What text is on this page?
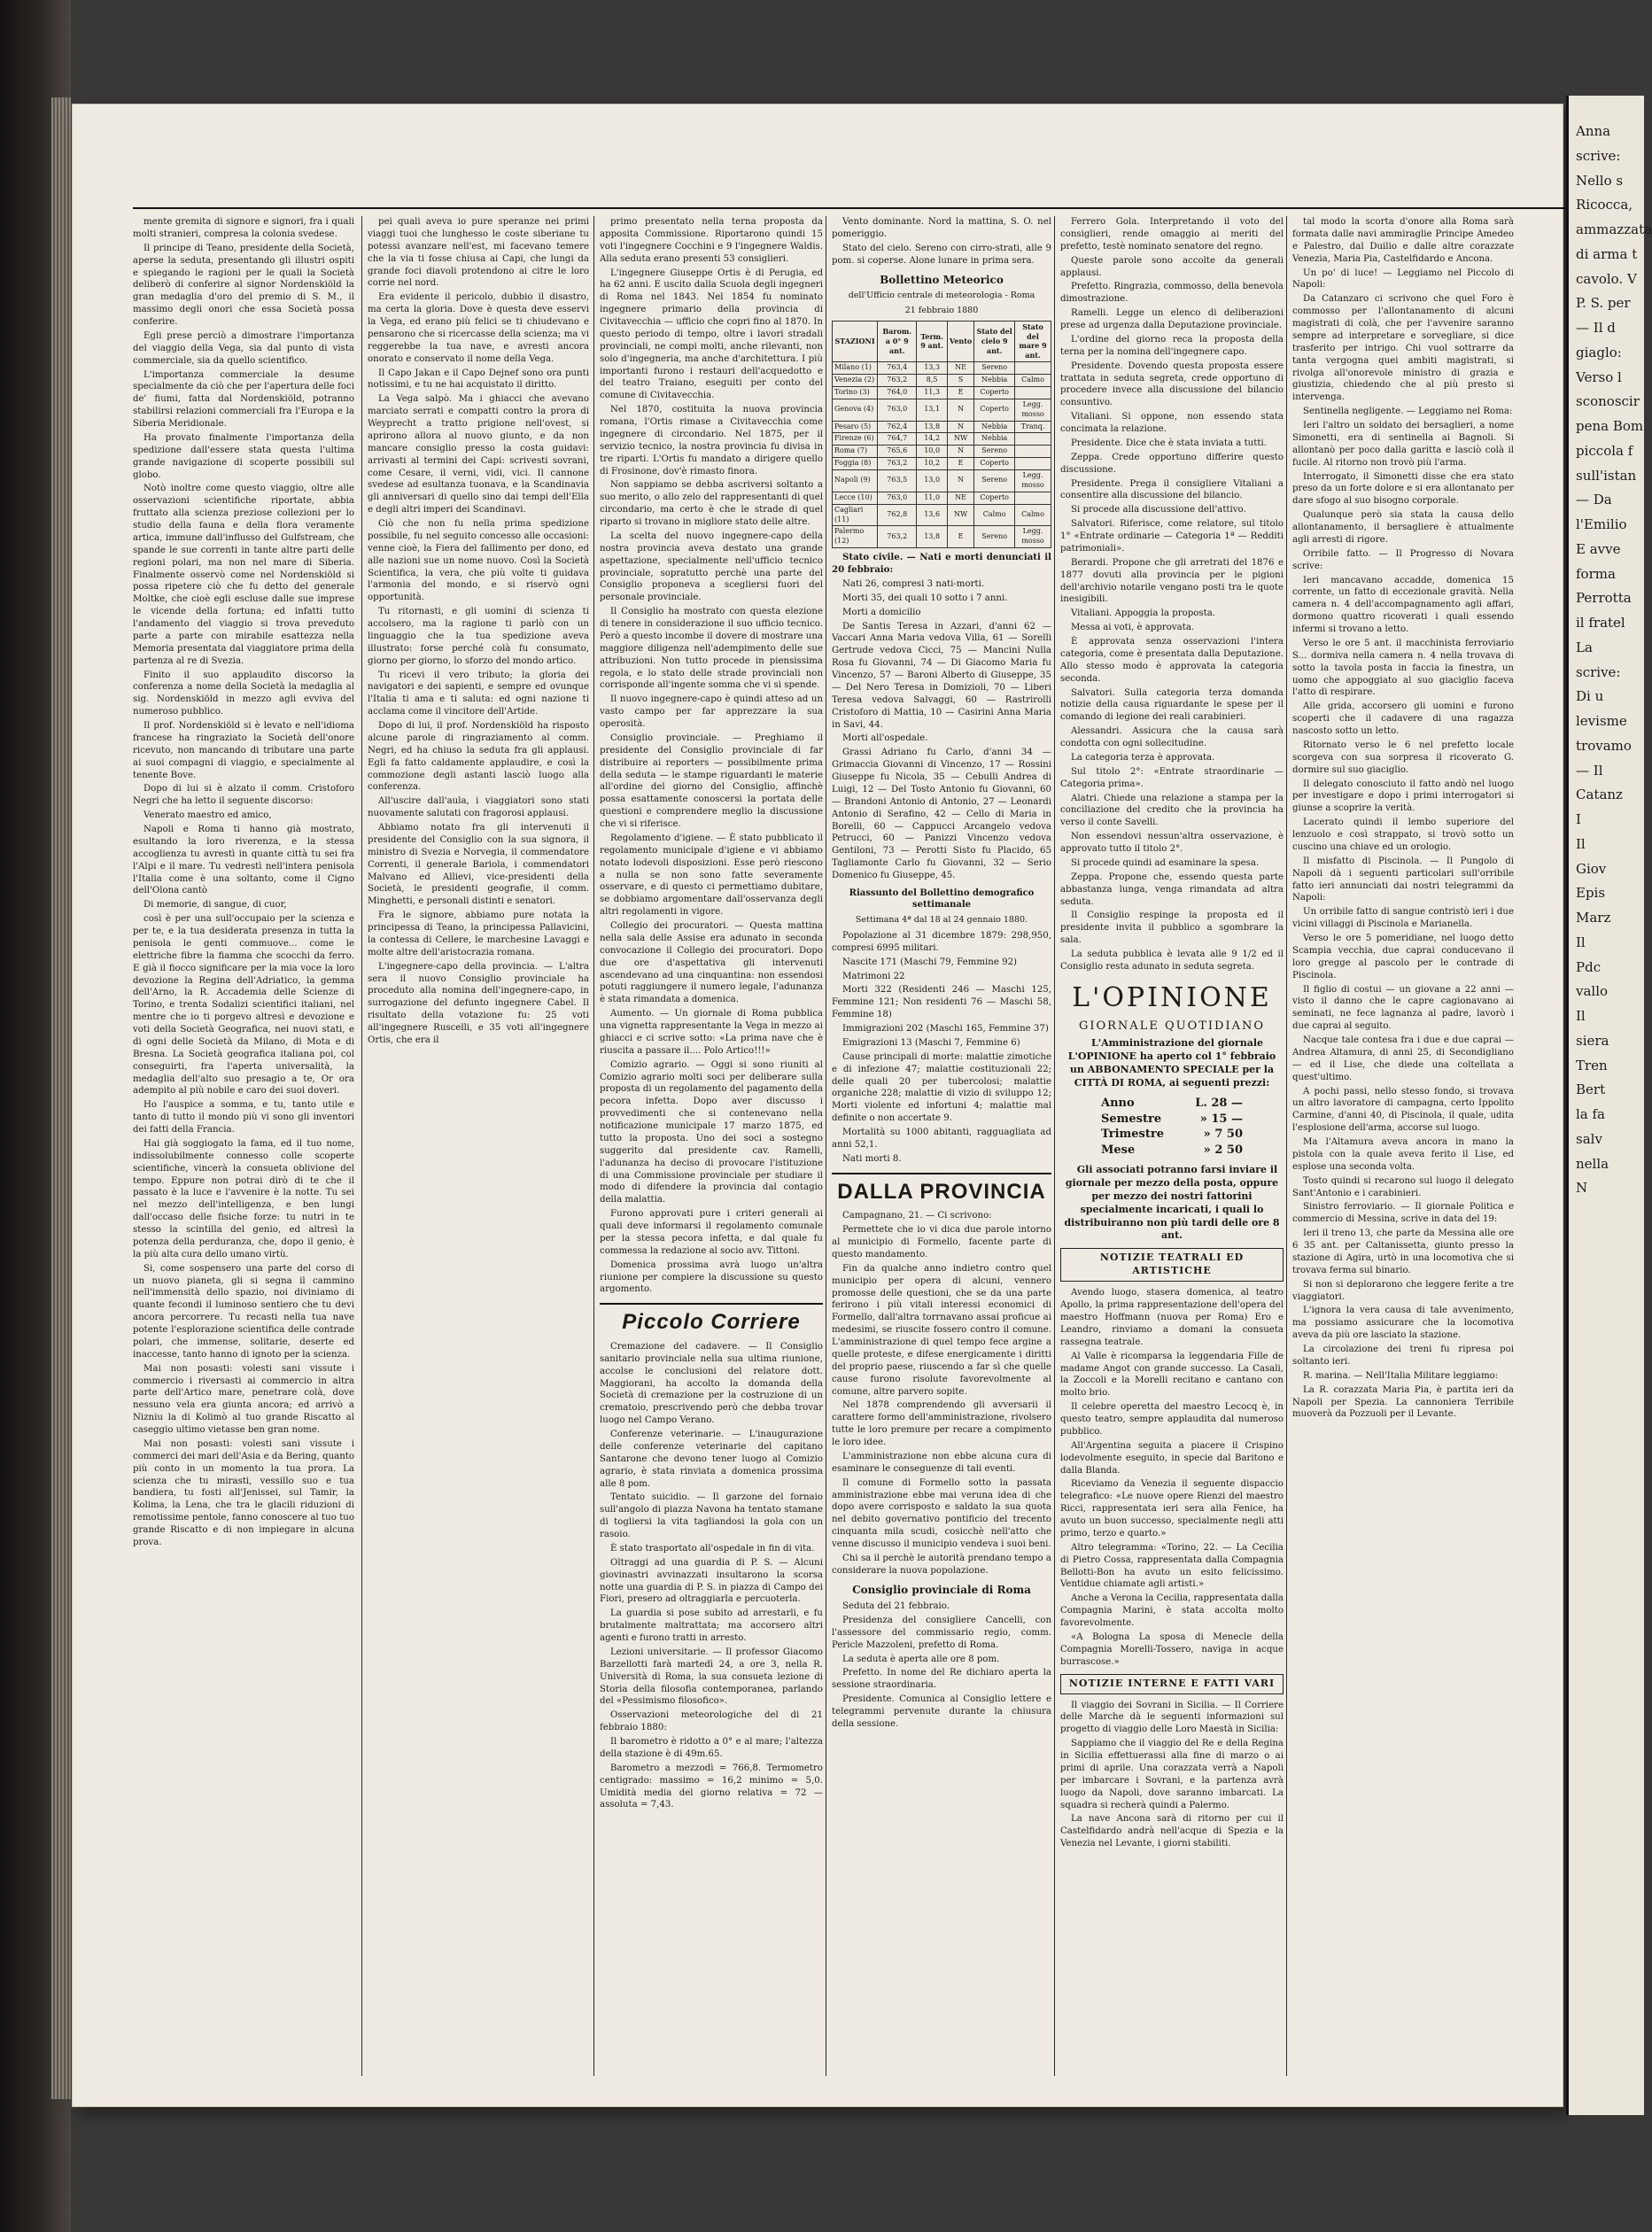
Anna

scrive:

Nello s

Ricocca,

ammazzata

di arma t

cavolo. V

P. S. per

— Il d

giaglo:

Verso l

sconoscir

pena Bom

piccola f

sull'istan

— Da

l'Emilio

E avve

forma

Perrotta

il fratel

La

scrive:

Di u

levisme

trovamo

— Il

Catanz

I

Il

Giov

Epis

Marz

Il

Pdc

vallo

Il

siera

Tren

Bert

la fa

salv

nella

N

mente gremita di signore e signori, fra i quali molti stranieri, compresa la colonia svedese.

Il principe di Teano, presidente della Società, aperse la seduta, presentando gli illustri ospiti e spiegando le ragioni per le quali la Società deliberò di conferire al signor Nordenskiöld la gran medaglia d'oro del premio di S. M., il massimo degli onori che essa Società possa conferire.

Egli prese perciò a dimostrare l'importanza del viaggio della Vega, sia dal punto di vista commerciale, sia da quello scientifico.

L'importanza commerciale la desume specialmente da ciò che per l'apertura delle foci de' fiumi, fatta dal Nordenskiöld, potranno stabilirsi relazioni commerciali fra l'Europa e la Siberia Meridionale.

Ha provato finalmente l'importanza della spedizione dall'essere stata questa l'ultima grande navigazione di scoperte possibili sul globo.

Notò inoltre come questo viaggio, oltre alle osservazioni scientifiche riportate, abbia fruttato alla scienza preziose collezioni per lo studio della fauna e della flora veramente artica, immune dall'influsso del Gulfstream, che spande le sue correnti in tante altre parti delle regioni polari, ma non nel mare di Siberia. Finalmente osservò come nel Nordenskiöld si possa ripetere ciò che fu detto del generale Moltke, che cioè egli escluse dalle sue imprese le vicende della fortuna; ed infatti tutto l'andamento del viaggio si trova preveduto parte a parte con mirabile esattezza nella Memoria presentata dal viaggiatore prima della partenza al re di Svezia.

Finito il suo applaudito discorso la conferenza a nome della Società la medaglia al sig. Nordenskiöld in mezzo agli evviva del numeroso pubblico.

Il prof. Nordenskiöld si è levato e nell'idioma francese ha ringraziato la Società dell'onore ricevuto, non mancando di tributare una parte ai suoi compagni di viaggio, e specialmente al tenente Bove.

Dopo di lui si è alzato il comm. Cristoforo Negri che ha letto il seguente discorso:

Venerato maestro ed amico,

Napoli e Roma ti hanno già mostrato, esultando la loro riverenza, e la stessa accoglienza tu avrestì in quante città tu sei fra l'Alpi e il mare. Tu vedrestì nell'intera penisola l'Italia come è una soltanto, come il Cigno dell'Olona cantò

Di memorie, di sangue, di cuor,

così è per una sull'occupaio per la scienza e per te, e la tua desiderata presenza in tutta la penisola le genti commuove... come le elettriche fibre la fiamma che scocchi da ferro. E già il fiocco significare per la mia voce la loro devozione la Regina dell'Adriatico, la gemma dell'Arno, la R. Accademia delle Scienze di Torino, e trenta Sodalizi scientifici italiani, nel mentre che io ti porgevo altresì e devozione e voti della Società Geografica, nei nuovi stati, e di ogni delle Società da Milano, di Mota e di Bresna. La Società geografica italiana poi, col conseguirti, fra l'aperta universalità, la medaglia dell'alto suo presagio a te, Or ora adempito al più nobile e caro dei suoi doveri.

Ho l'auspice a somma, e tu, tanto utile e tanto di tutto il mondo più vi sono gli inventori dei fatti della Francia.

Hai già soggiogato la fama, ed il tuo nome, indissolubilmente connesso colle scoperte scientifiche, vincerà la consueta oblivione del tempo. Eppure non potrai dirò di te che il passato è la luce e l'avvenire è la notte. Tu sei nel mezzo dell'intelligenza, e ben lungi dall'occaso delle fisiche forze: tu nutri in te stesso la scintilla del genio, ed altresì la potenza della perduranza, che, dopo il genio, è la più alta cura dello umano virtù.

Si, come sospensero una parte del corso di un nuovo pianeta, gli si segna il cammino nell'immensità dello spazio, noi diviniamo di quante fecondi il luminoso sentiero che tu devi ancora percorrere. Tu recasti nella tua nave potente l'esplorazione scientifica delle contrade polari, che immense, solitarie, deserte ed inaccesse, tanto hanno di ignoto per la scienza.

Mai non posasti: volesti sani vissute i commercio i riversasti ai commercio in altra parte dell'Artico mare, penetrare colà, dove nessuno vela era giunta ancora; ed arrivò a Nizniu la di Kolimò al tuo grande Riscatto al caseggio ultimo vietasse ben gran nome.

Mai non posasti: volesti sani vissute i commerci dei mari dell'Asia e da Bering, quanto più conto in un momento la tua prora. La scienza che tu mirasti, vessillo suo e tua bandiera, tu fosti all'Jenissei, sul Tamir, la Kolima, la Lena, che tra le glacili riduzioni di remotissime pentole, fanno conoscere al tuo tuo grande Riscatto e di non impiegare in alcuna prova.

pei quali aveva io pure speranze nei primi viaggi tuoi che lunghesso le coste siberiane tu potessi avanzare nell'est, mi facevano temere che la via ti fosse chiusa ai Capi, che lungi da grande foci diavoli protendono ai citre le loro corrie nel nord.

Era evidente il pericolo, dubbio il disastro, ma certa la gloria. Dove è questa deve esservi la Vega, ed erano più felici se ti chiudevano e pensarono che si ricercasse della scienza; ma vi reggerebbe la tua nave, e avresti ancora onorato e conservato il nome della Vega.

Il Capo Jakan e il Capo Dejnef sono ora punti notissimi, e tu ne hai acquistato il diritto.

La Vega salpò. Ma i ghiacci che avevano marciato serrati e compatti contro la prora di Weyprecht a tratto prigione nell'ovest, si aprirono allora al nuovo giunto, e da non mancare consiglio presso la costa guidavi: arrivasti al termini dei Capi: scrivesti sovrani, come Cesare, il verni, vidi, vici. Il cannone svedese ad esultanza tuonava, e la Scandinavia gli anniversari di quello sino dai tempi dell'Ella e degli altri imperi dei Scandinavi.

Ciò che non fu nella prima spedizione possibile, fu nel seguito concesso alle occasioni: venne cioè, la Fiera del fallimento per dono, ed alle nazioni sue un nome nuovo. Così la Società Scientifica, la vera, che più volte ti guidava l'armonia del mondo, e si riservò ogni opportunità.

Tu ritornasti, e gli uomini di scienza ti accolsero, ma la ragione ti parlò con un linguaggio che la tua spedizione aveva illustrato: forse perché colà fu consumato, giorno per giorno, lo sforzo del mondo artico.

Tu ricevi il vero tributo; la gloria dei navigatori e dei sapienti, e sempre ed ovunque l'Italia ti ama e ti saluta: ed ogni nazione ti acclama come il vincitore dell'Artide.

Dopo di lui, il prof. Nordenskiöld ha risposto alcune parole di ringraziamento al comm. Negri, ed ha chiuso la seduta fra gli applausi. Egli fa fatto caldamente applaudire, e così la commozione degli astanti lasciò luogo alla conferenza.

All'uscire dall'aula, i viaggiatori sono stati nuovamente salutati con fragorosi applausi.

Abbiamo notato fra gli intervenuti il presidente del Consiglio con la sua signora, il ministro di Svezia e Norvegia, il commendatore Correnti, il generale Bariola, i commendatori Malvano ed Allievi, vice-presidenti della Società, le presidenti geografie, il comm. Minghetti, e personali distinti e senatori.

Fra le signore, abbiamo pure notata la principessa di Teano, la principessa Pallavicini, la contessa di Cellere, le marchesine Lavaggi e molte altre dell'aristocrazia romana.

L'ingegnere-capo della provincia. — L'altra sera il nuovo Consiglio provinciale ha proceduto alla nomina dell'ingegnere-capo, in surrogazione del defunto ingegnere Cabel. Il risultato della votazione fu: 25 voti all'ingegnere Ruscelli, e 35 voti all'ingegnere Ortis, che era il

primo presentato nella terna proposta da apposita Commissione. Riportarono quindi 15 voti l'ingegnere Cocchini e 9 l'ingegnere Waldis. Alla seduta erano presenti 53 consiglieri.

L'ingegnere Giuseppe Ortis è di Perugia, ed ha 62 anni. E uscito dalla Scuola degli ingegneri di Roma nel 1843. Nel 1854 fu nominato ingegnere primario della provincia di Civitavecchia — ufficio che copri fino al 1870. In questo periodo di tempo, oltre i lavori stradali provinciali, ne compi molti, anche rilevanti, non solo d'ingegneria, ma anche d'architettura. I più importanti furono i restauri dell'acquedotto e del teatro Traiano, eseguiti per conto del comune di Civitavecchia.

Nel 1870, costituita la nuova provincia romana, l'Ortis rimase a Civitavecchia come ingegnere di circondario. Nel 1875, per il servizio tecnico, la nostra provincia fu divisa in tre riparti. L'Ortis fu mandato a dirigere quello di Frosinone, dov'è rimasto finora.

Non sappiamo se debba ascriversi soltanto a suo merito, o allo zelo del rappresentanti di quel circondario, ma certo è che le strade di quel riparto si trovano in migliore stato delle altre.

La scelta del nuovo ingegnere-capo della nostra provincia aveva destato una grande aspettazione, specialmente nell'ufficio tecnico provinciale, sopratutto perchè una parte del Consiglio proponeva a scegliersi fuori del personale provinciale.

Il Consiglio ha mostrato con questa elezione di tenere in considerazione il suo ufficio tecnico. Però a questo incombe il dovere di mostrare una maggiore diligenza nell'adempimento delle sue attribuzioni. Non tutto procede in piensissima regola, e lo stato delle strade provinciali non corrisponde all'ingente somma che vi si spende.

Il nuovo ingegnere-capo è quindi atteso ad un vasto campo per far apprezzare la sua operosità.

Consiglio provinciale. — Preghiamo il presidente del Consiglio provinciale di far distribuire ai reporters — possibilmente prima della seduta — le stampe riguardanti le materie all'ordine del giorno del Consiglio, affinchè possa esattamente conoscersi la portata delle questioni e comprendere meglio la discussione che vi si riferisce.

Regolamento d'igiene. — È stato pubblicato il regolamento municipale d'igiene e vi abbiamo notato lodevoli disposizioni. Esse però riescono a nulla se non sono fatte severamente osservare, e di questo ci permettiamo dubitare, se dobbiamo argomentare dall'osservanza degli altri regolamenti in vigore.

Collegio dei procuratori. — Questa mattina nella sala delle Assise era adunato in seconda convocazione il Collegio dei procuratori. Dopo due ore d'aspettativa gli intervenuti ascendevano ad una cinquantina: non essendosi potuti raggiungere il numero legale, l'adunanza è stata rimandata a domenica.

Aumento. — Un giornale di Roma pubblica una vignetta rappresentante la Vega in mezzo ai ghiacci e ci scrive sotto: «La prima nave che è riuscita a passare il.... Polo Artico!!!»

Comizio agrario. — Oggi si sono riuniti al Comizio agrario molti soci per deliberare sulla proposta di un regolamento del pagamento della pecora infetta. Dopo aver discusso i provvedimenti che si contenevano nella notificazione municipale 17 marzo 1875, ed tutto la proposta. Uno dei soci a sostegno suggerito dal presidente cav. Ramelli, l'adunanza ha deciso di provocare l'istituzione di una Commissione provinciale per studiare il modo di difendere la provincia dal contagio della malattia.

Furono approvati pure i criteri generali ai quali deve informarsi il regolamento comunale per la stessa pecora infetta, e dal quale fu commessa la redazione al socio avv. Tittoni.

Domenica prossima avrà luogo un'altra riunione per compiere la discussione su questo argomento.

Piccolo Corriere

Cremazione del cadavere. — Il Consiglio sanitario provinciale nella sua ultima riunione, accolse le conclusioni del relatore dott. Maggiorani, ha accolto la domanda della Società di cremazione per la costruzione di un crematoio, prescrivendo però che debba trovar luogo nel Campo Verano.

Conferenze veterinarie. — L'inaugurazione delle conferenze veterinarie del capitano Santarone che devono tener luogo al Comizio agrario, è stata rinviata a domenica prossima alle 8 pom.

Tentato suicidio. — Il garzone del fornaio sull'angolo di piazza Navona ha tentato stamane di togliersi la vita tagliandosi la gola con un rasoio.

È stato trasportato all'ospedale in fin di vita.

Oltraggi ad una guardia di P. S. — Alcuni giovinastri avvinazzati insultarono la scorsa notte una guardia di P. S. in piazza di Campo dei Fiori, presero ad oltraggiarla e percuoterla.

La guardia si pose subito ad arrestarli, e fu brutalmente maltrattata; ma accorsero altri agenti e furono tratti in arresto.

Lezioni universitarie. — Il professor Giacomo Barzellotti farà martedì 24, a ore 3, nella R. Università di Roma, la sua consueta lezione di Storia della filosofia contemporanea, parlando del «Pessimismo filosofico».

Osservazioni meteorologiche del di 21 febbraio 1880:

Il barometro è ridotto a 0° e al mare; l'altezza della stazione è di 49m.65.

Barometro a mezzodì = 766,8. Termometro centigrado: massimo = 16,2 minimo = 5,0. Umidità media del giorno relativa = 72 — assoluta = 7,43.

Vento dominante. Nord la mattina, S. O. nel pomeriggio.

Stato del cielo. Sereno con cirro-strati, alle 9 pom. si coperse. Alone lunare in prima sera.

Bollettino Meteorico
dell'Ufficio centrale di meteorologia - Roma
21 febbraio 1880
STAZIONI	Barom. a 0° 9 ant.	Term. 9 ant.	Vento	Stato del cielo 9 ant.	Stato del mare 9 ant.
Milano (1)	763,4	13,3	NE	Sereno	
Venezia (2)	763,2	8,5	S	Nebbia	Calmo
Torino (3)	764,0	11,3	E	Coperto	
Genova (4)	763,0	13,1	N	Coperto	Legg. mosso
Pesaro (5)	762,4	13,8	N	Nebbia	Tranq.
Firenze (6)	764,7	14,2	NW	Nebbia	
Roma (7)	765,6	10,0	N	Sereno	
Foggia (8)	763,2	10,2	E	Coperto	
Napoli (9)	763,5	13,0	N	Sereno	Legg. mosso
Lecce (10)	763,0	11,0	NE	Coperto	
Cagliari (11)	762,8	13,6	NW	Calmo	Calmo
Palermo (12)	763,2	13,8	E	Sereno	Legg. mosso

Stato civile. — Nati e morti denunciati il 20 febbraio:

Nati 26, compresi 3 nati-morti.

Morti 35, dei quali 10 sotto i 7 anni.

Morti a domicilio

De Santis Teresa in Azzari, d'anni 62 — Vaccari Anna Maria vedova Villa, 61 — Sorelli Gertrude vedova Cicci, 75 — Mancini Nulla Rosa fu Giovanni, 74 — Di Giacomo Maria fu Vincenzo, 57 — Baroni Alberto di Giuseppe, 35 — Del Nero Teresa in Domizioli, 70 — Liberi Teresa vedova Salvaggi, 60 — Rastrirolli Cristoforo di Mattia, 10 — Casirini Anna Maria in Savi, 44.

Morti all'ospedale.

Grassi Adriano fu Carlo, d'anni 34 — Grimaccia Giovanni di Vincenzo, 17 — Rossini Giuseppe fu Nicola, 35 — Cebulli Andrea di Luigi, 12 — Del Tosto Antonio fu Giovanni, 60 — Brandoni Antonio di Antonio, 27 — Leonardi Antonio di Serafino, 42 — Cello di Maria in Borelli, 60 — Cappucci Arcangelo vedova Petrucci, 60 — Panizzi Vincenzo vedova Gentiloni, 73 — Perotti Sisto fu Placido, 65 Tagliamonte Carlo fu Giovanni, 32 — Serio Domenico fu Giuseppe, 45.

Riassunto del Bollettino demografico settimanale
Settimana 4ª dal 18 al 24 gennaio 1880.

Popolazione al 31 dicembre 1879: 298,950, compresi 6995 militari.

Nascite 171 (Maschi 79, Femmine 92)

Matrimoni 22

Morti 322 (Residenti 246 — Maschi 125, Femmine 121; Non residenti 76 — Maschi 58, Femmine 18)

Immigrazioni 202 (Maschi 165, Femmine 37)

Emigrazioni 13 (Maschi 7, Femmine 6)

Cause principali di morte: malattie zimotiche e di infezione 47; malattie costituzionali 22; delle quali 20 per tubercolosi; malattie organiche 228; malattie di vizio di sviluppo 12; Morti violente ed infortuni 4; malattie mal definite o non accertate 9.

Mortalità su 1000 abitanti, ragguagliata ad anni 52,1.

Nati morti 8.

DALLA PROVINCIA

Campagnano, 21. — Ci scrivono:

Permettete che io vi dica due parole intorno al municipio di Formello, facente parte di questo mandamento.

Fin da qualche anno indietro contro quel municipio per opera di alcuni, vennero promosse delle questioni, che se da una parte ferirono i più vitali interessi economici di Formello, dall'altra torrnavano assai proficue ai medesimi, se riuscite fossero contro il comune. L'amministrazione di quel tempo fece argine a quelle proteste, e difese energicamente i diritti del proprio paese, riuscendo a far sì che quelle cause furono risolute favorevolmente al comune, altre parvero sopite.

Nel 1878 comprendendo gli avversarii il carattere formo dell'amministrazione, rivolsero tutte le loro premure per recare a compimento le loro idee.

L'amministrazione non ebbe alcuna cura di esaminare le conseguenze di tali eventi.

Il comune di Formello sotto la passata amministrazione ebbe mai veruna idea di che dopo avere corrisposto e saldato la sua quota nel debito governativo pontificio del trecento cinquanta mila scudi, cosicchè nell'atto che venne discusso il municipio vendeva i suoi beni.

Chi sa il perchè le autorità prendano tempo a considerare la nuova popolazione.

Consiglio provinciale di Roma

Seduta del 21 febbraio.

Presidenza del consigliere Cancelli, con l'assessore del commissario regio, comm. Pericle Mazzoleni, prefetto di Roma.

La seduta è aperta alle ore 8 pom.

Prefetto. In nome del Re dichiaro aperta la sessione straordinaria.

Presidente. Comunica al Consiglio lettere e telegrammi pervenute durante la chiusura della sessione.

Ferrero Gola. Interpretando il voto del consiglieri, rende omaggio ai meriti del prefetto, testè nominato senatore del regno.

Queste parole sono accolte da generali applausi.

Prefetto. Ringrazia, commosso, della benevola dimostrazione.

Ramelli. Legge un elenco di deliberazioni prese ad urgenza dalla Deputazione provinciale.

L'ordine del giorno reca la proposta della terna per la nomina dell'ingegnere capo.

Presidente. Dovendo questa proposta essere trattata in seduta segreta, crede opportuno di procedere invece alla discussione del bilancio consuntivo.

Vitaliani. Si oppone, non essendo stata concimata la relazione.

Presidente. Dice che è stata inviata a tutti.

Zeppa. Crede opportuno differire questo discussione.

Presidente. Prega il consigliere Vitaliani a consentire alla discussione del bilancio.

Si procede alla discussione dell'attivo.

Salvatori. Riferisce, come relatore, sul titolo 1° «Entrate ordinarie — Categoria 1ª — Redditi patrimoniali».

Berardi. Propone che gli arretrati del 1876 e 1877 dovuti alla provincia per le pigioni dell'archivio notarile vengano posti tra le quote inesigibili.

Vitaliani. Appoggia la proposta.

Messa ai voti, è approvata.

È approvata senza osservazioni l'intera categoria, come è presentata dalla Deputazione. Allo stesso modo è approvata la categoria seconda.

Salvatori. Sulla categoria terza domanda notizie della causa riguardante le spese per il comando di legione dei reali carabinieri.

Alessandri. Assicura che la causa sarà condotta con ogni sollecitudine.

La categoria terza è approvata.

Sul titolo 2°: «Entrate straordinarie — Categoria prima».

Alatri. Chiede una relazione a stampa per la conciliazione del credito che la provincia ha verso il conte Savelli.

Non essendovi nessun'altra osservazione, è approvato tutto il titolo 2°.

Si procede quindi ad esaminare la spesa.

Zeppa. Propone che, essendo questa parte abbastanza lunga, venga rimandata ad altra seduta.

Il Consiglio respinge la proposta ed il presidente invita il pubblico a sgombrare la sala.

La seduta pubblica è levata alle 9 1/2 ed il Consiglio resta adunato in seduta segreta.

L'OPINIONE
GIORNALE QUOTIDIANO

L'Amministrazione del giornale L'OPINIONE ha aperto col 1° febbraio un ABBONAMENTO SPECIALE per la CITTÀ DI ROMA, ai seguenti prezzi:

Anno	L. 28 —
Semestre	» 15 —
Trimestre	» 7 50
Mese	» 2 50

Gli associati potranno farsi inviare il giornale per mezzo della posta, oppure per mezzo dei nostri fattorini specialmente incaricati, i quali lo distribuiranno non più tardi delle ore 8 ant.

NOTIZIE TEATRALI ED ARTISTICHE

Avendo luogo, stasera domenica, al teatro Apollo, la prima rappresentazione dell'opera del maestro Hoffmann (nuova per Roma) Ero e Leandro, rinviamo a domani la consueta rassegna teatrale.

Al Valle è ricomparsa la leggendaria Fille de madame Angot con grande successo. La Casali, la Zoccoli e la Morelli recitano e cantano con molto brio.

Il celebre operetta del maestro Lecocq è, in questo teatro, sempre applaudita dal numeroso pubblico.

All'Argentina seguita a piacere il Crispino lodevolmente eseguito, in specie dal Baritono e dalla Blanda.

Riceviamo da Venezia il seguente dispaccio telegrafico: «Le nuove opere Rienzi del maestro Ricci, rappresentata ieri sera alla Fenice, ha avuto un buon successo, specialmente negli atti primo, terzo e quarto.»

Altro telegramma: «Torino, 22. — La Cecilia di Pietro Cossa, rappresentata dalla Compagnia Bellotti-Bon ha avuto un esito felicissimo. Ventidue chiamate agli artisti.»

Anche a Verona la Cecilia, rappresentata dalla Compagnia Marini, è stata accolta molto favorevolmente.

«A Bologna La sposa di Menecle della Compagnia Morelli-Tossero, naviga in acque burrascose.»

NOTIZIE INTERNE E FATTI VARI

Il viaggio dei Sovrani in Sicilia. — Il Corriere delle Marche dà le seguenti informazioni sul progetto di viaggio delle Loro Maestà in Sicilia:

Sappiamo che il viaggio del Re e della Regina in Sicilia effettuerassi alla fine di marzo o ai primi di aprile. Una corazzata verrà a Napoli per imbarcare i Sovrani, e la partenza avrà luogo da Napoli, dove saranno imbarcati. La squadra si recherà quindi a Palermo.

La nave Ancona sarà di ritorno per cui il Castelfidardo andrà nell'acque di Spezia e la Venezia nel Levante, i giorni stabiliti.

tal modo la scorta d'onore alla Roma sarà formata dalle navi ammiraglie Principe Amedeo e Palestro, dal Duilio e dalle altre corazzate Venezia, Maria Pia, Castelfidardo e Ancona.

Un po' di luce! — Leggiamo nel Piccolo di Napoli:

Da Catanzaro ci scrivono che quel Foro è commosso per l'allontanamento di alcuni magistrati di colà, che per l'avvenire saranno sempre ad interpretare e sorvegliare, si dice trasferito per intrigo. Chi vuol sottrarre da tanta vergogna quei ambiti magistrati, si rivolga all'onorevole ministro di grazia e giustizia, chiedendo che al più presto si intervenga.

Sentinella negligente. — Leggiamo nel Roma:

Ieri l'altro un soldato dei bersaglieri, a nome Simonetti, era di sentinella ai Bagnoli. Si allontanò per poco dalla garitta e lasciò colà il fucile. Al ritorno non trovò più l'arma.

Interrogato, il Simonetti disse che era stato preso da un forte dolore e si era allontanato per dare sfogo al suo bisogno corporale.

Qualunque però sia stata la causa dello allontanamento, il bersagliere è attualmente agli arresti di rigore.

Orribile fatto. — Il Progresso di Novara scrive:

Ieri mancavano accadde, domenica 15 corrente, un fatto di eccezionale gravità. Nella camera n. 4 dell'accompagnamento agli affari, dormono quattro ricoverati i quali essendo infermi si trovano a letto.

Verso le ore 5 ant. il macchinista ferroviario S... dormiva nella camera n. 4 nella trovava di sotto la tavola posta in faccia la finestra, un uomo che appoggiato al suo giaciglio faceva l'atto di respirare.

Alle grida, accorsero gli uomini e furono scoperti che il cadavere di una ragazza nascosto sotto un letto.

Ritornato verso le 6 nel prefetto locale scorgeva con sua sorpresa il ricoverato G. dormire sul suo giaciglio.

Il delegato conosciuto il fatto andò nel luogo per investigare e dopo i primi interrogatori si giunse a scoprire la verità.

Lacerato quindi il lembo superiore del lenzuolo e così strappato, si trovò sotto un cuscino una chiave ed un orologio.

Il misfatto di Piscinola. — Il Pungolo di Napoli dà i seguenti particolari sull'orribile fatto ieri annunciati dai nostri telegrammi da Napoli:

Un orribile fatto di sangue contristò ieri i due vicini villaggi di Piscinola e Marianella.

Verso le ore 5 pomeridiane, nel luogo detto Scampia vecchia, due caprai conducevano il loro gregge al pascolo per le contrade di Piscinola.

Il figlio di costui — un giovane a 22 anni — visto il danno che le capre cagionavano ai seminati, ne fece lagnanza al padre, lavorò i due caprai al seguito.

Nacque tale contesa fra i due e due caprai — Andrea Altamura, di anni 25, di Secondigliano — ed il Lise, che diede una coltellata a quest'ultimo.

A pochi passi, nello stesso fondo, si trovava un altro lavoratore di campagna, certo Ippolito Carmine, d'anni 40, di Piscinola, il quale, udita l'esplosione dell'arma, accorse sul luogo.

Ma l'Altamura aveva ancora in mano la pistola con la quale aveva ferito il Lise, ed esplose una seconda volta.

Tosto quindi si recarono sul luogo il delegato Sant'Antonio e i carabinieri.

Sinistro ferroviario. — Il giornale Politica e commercio di Messina, scrive in data del 19:

Ieri il treno 13, che parte da Messina alle ore 6 35 ant. per Caltanissetta, giunto presso la stazione di Agira, urtò in una locomotiva che si trovava ferma sul binario.

Si non si deplorarono che leggere ferite a tre viaggiatori.

L'ignora la vera causa di tale avvenimento, ma possiamo assicurare che la locomotiva aveva da più ore lasciato la stazione.

La circolazione dei treni fu ripresa poi soltanto ieri.

R. marina. — Nell'Italia Militare leggiamo:

La R. corazzata Maria Pia, è partita ieri da Napoli per Spezia. La cannoniera Terribile muoverà da Pozzuoli per il Levante.
